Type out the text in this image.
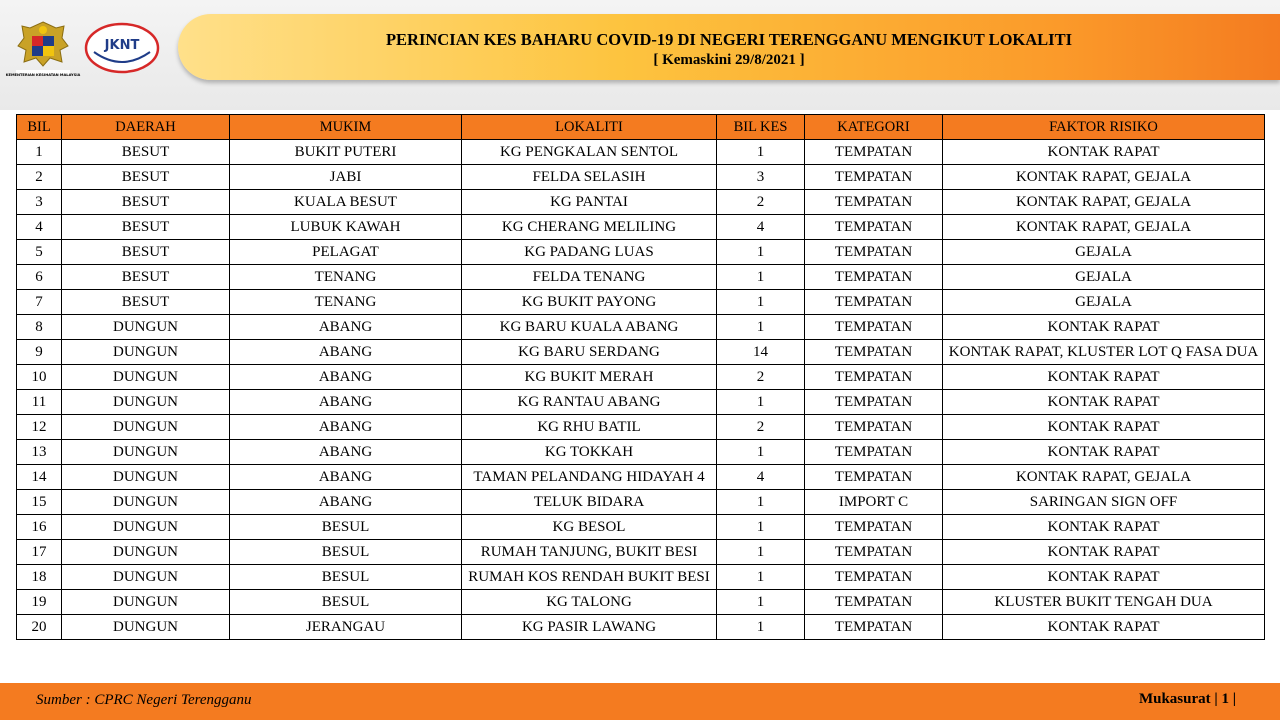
KEMENTERIAN KESIHATAN MALAYSIA
JKNT	PERINCIAN KES BAHARU COVID-19 DI NEGERI TERENGGANU MENGIKUT LOKALITI
[ Kemaskini 29/8/2021 ]
BIL	DAERAH	MUKIM	LOKALITI	BIL KES	KATEGORI	FAKTOR RISIKO
1	BESUT	BUKIT PUTERI	KG PENGKALAN SENTOL	1	TEMPATAN	KONTAK RAPAT
2	BESUT	JABI	FELDA SELASIH	3	TEMPATAN	KONTAK RAPAT, GEJALA
3	BESUT	KUALA BESUT	KG PANTAI	2	TEMPATAN	KONTAK RAPAT, GEJALA
4	BESUT	LUBUK KAWAH	KG CHERANG MELILING	4	TEMPATAN	KONTAK RAPAT, GEJALA
5	BESUT	PELAGAT	KG PADANG LUAS	1	TEMPATAN	GEJALA
6	BESUT	TENANG	FELDA TENANG	1	TEMPATAN	GEJALA
7	BESUT	TENANG	KG BUKIT PAYONG	1	TEMPATAN	GEJALA
8	DUNGUN	ABANG	KG BARU KUALA ABANG	1	TEMPATAN	KONTAK RAPAT
9	DUNGUN	ABANG	KG BARU SERDANG	14	TEMPATAN	KONTAK RAPAT, KLUSTER LOT Q FASA DUA
10	DUNGUN	ABANG	KG BUKIT MERAH	2	TEMPATAN	KONTAK RAPAT
11	DUNGUN	ABANG	KG RANTAU ABANG	1	TEMPATAN	KONTAK RAPAT
12	DUNGUN	ABANG	KG RHU BATIL	2	TEMPATAN	KONTAK RAPAT
13	DUNGUN	ABANG	KG TOKKAH	1	TEMPATAN	KONTAK RAPAT
14	DUNGUN	ABANG	TAMAN PELANDANG HIDAYAH 4	4	TEMPATAN	KONTAK RAPAT, GEJALA
15	DUNGUN	ABANG	TELUK BIDARA	1	IMPORT C	SARINGAN SIGN OFF
16	DUNGUN	BESUL	KG BESOL	1	TEMPATAN	KONTAK RAPAT
17	DUNGUN	BESUL	RUMAH TANJUNG, BUKIT BESI	1	TEMPATAN	KONTAK RAPAT
18	DUNGUN	BESUL	RUMAH KOS RENDAH BUKIT BESI	1	TEMPATAN	KONTAK RAPAT
19	DUNGUN	BESUL	KG TALONG	1	TEMPATAN	KLUSTER BUKIT TENGAH DUA
20	DUNGUN	JERANGAU	KG PASIR LAWANG	1	TEMPATAN	KONTAK RAPAT
Sumber : CPRC Negeri Terengganu	Mukasurat | 1 |
